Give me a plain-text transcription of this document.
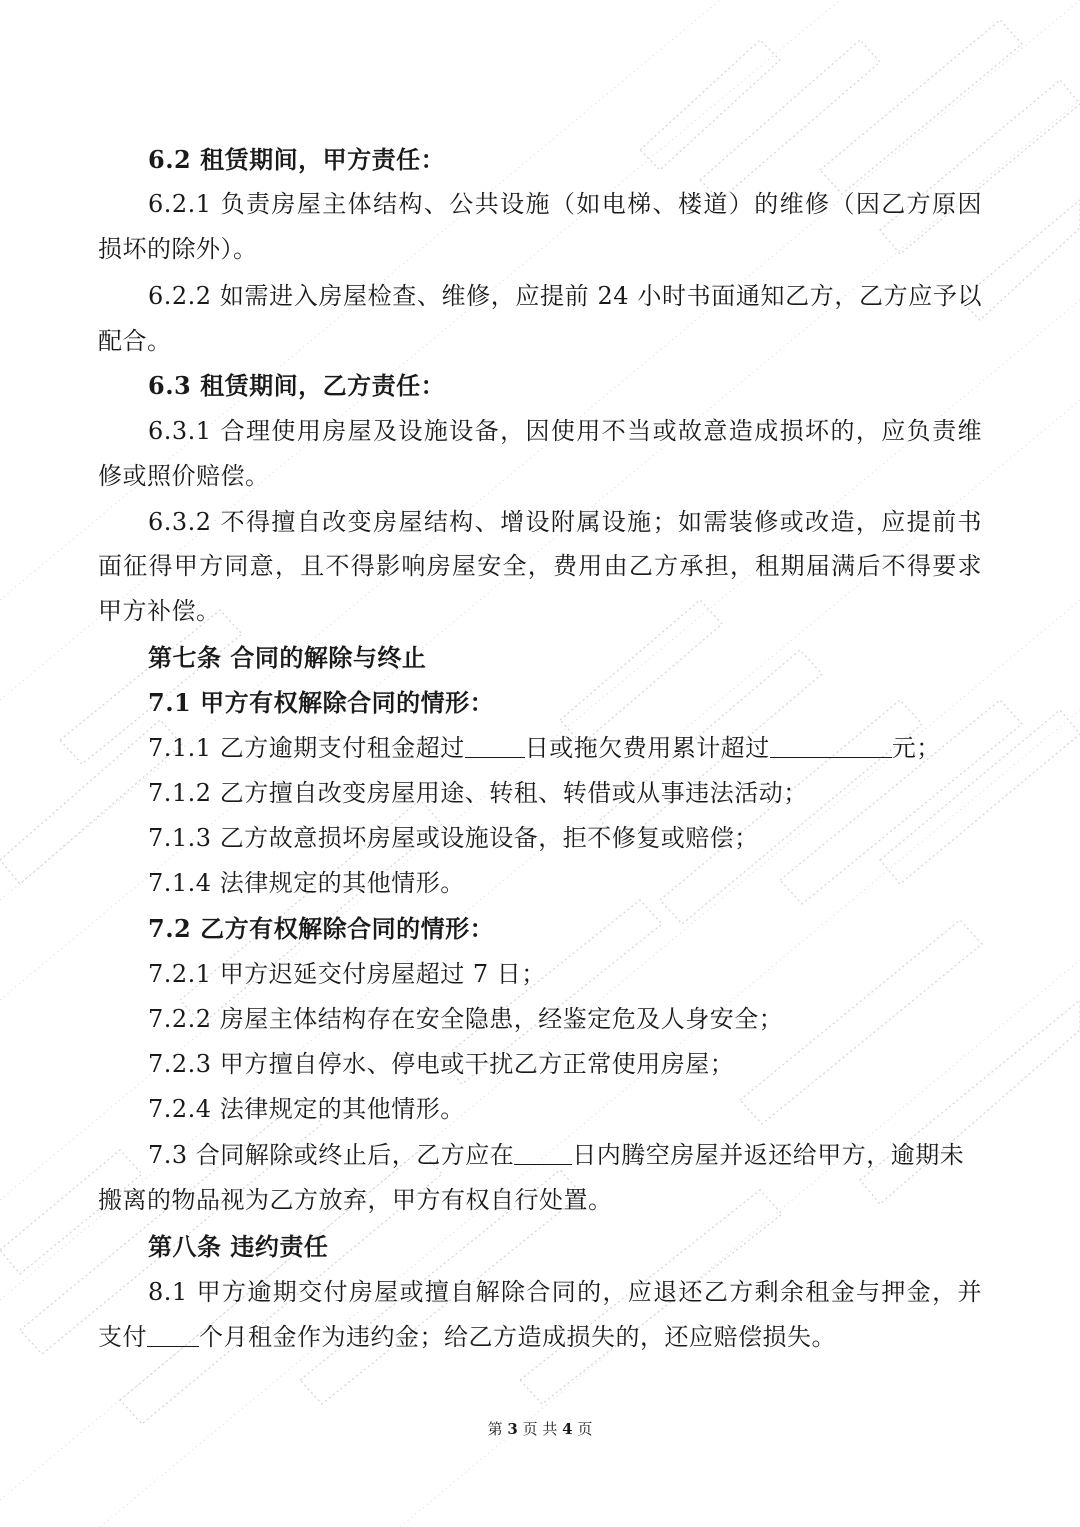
6.2 租赁期间，甲方责任：
6.2.1 负责房屋主体结构、公共设施（如电梯、楼道）的维修（因乙方原因
损坏的除外）。
6.2.2 如需进入房屋检查、维修，应提前 24 小时书面通知乙方，乙方应予以
配合。
6.3 租赁期间，乙方责任：
6.3.1 合理使用房屋及设施设备，因使用不当或故意造成损坏的，应负责维
修或照价赔偿。
6.3.2 不得擅自改变房屋结构、增设附属设施；如需装修或改造，应提前书
面征得甲方同意，且不得影响房屋安全，费用由乙方承担，租期届满后不得要求
甲方补偿。
第七条 合同的解除与终止
7.1 甲方有权解除合同的情形：
7.1.1 乙方逾期支付租金超过	日或拖欠费用累计超过	元；
7.1.2 乙方擅自改变房屋用途、转租、转借或从事违法活动；
7.1.3 乙方故意损坏房屋或设施设备，拒不修复或赔偿；
7.1.4 法律规定的其他情形。
7.2 乙方有权解除合同的情形：
7.2.1 甲方迟延交付房屋超过 7 日；
7.2.2 房屋主体结构存在安全隐患，经鉴定危及人身安全；
7.2.3 甲方擅自停水、停电或干扰乙方正常使用房屋；
7.2.4 法律规定的其他情形。
7.3 合同解除或终止后，乙方应在 日内腾空房屋并返还给甲方，逾期未
搬离的物品视为乙方放弃，甲方有权自行处置。
第八条 违约责任
8.1 甲方逾期交付房屋或擅自解除合同的，应退还乙方剩余租金与押金，并
支付 个月租金作为违约金；给乙方造成损失的，还应赔偿损失。
第 3 页 共 4 页
